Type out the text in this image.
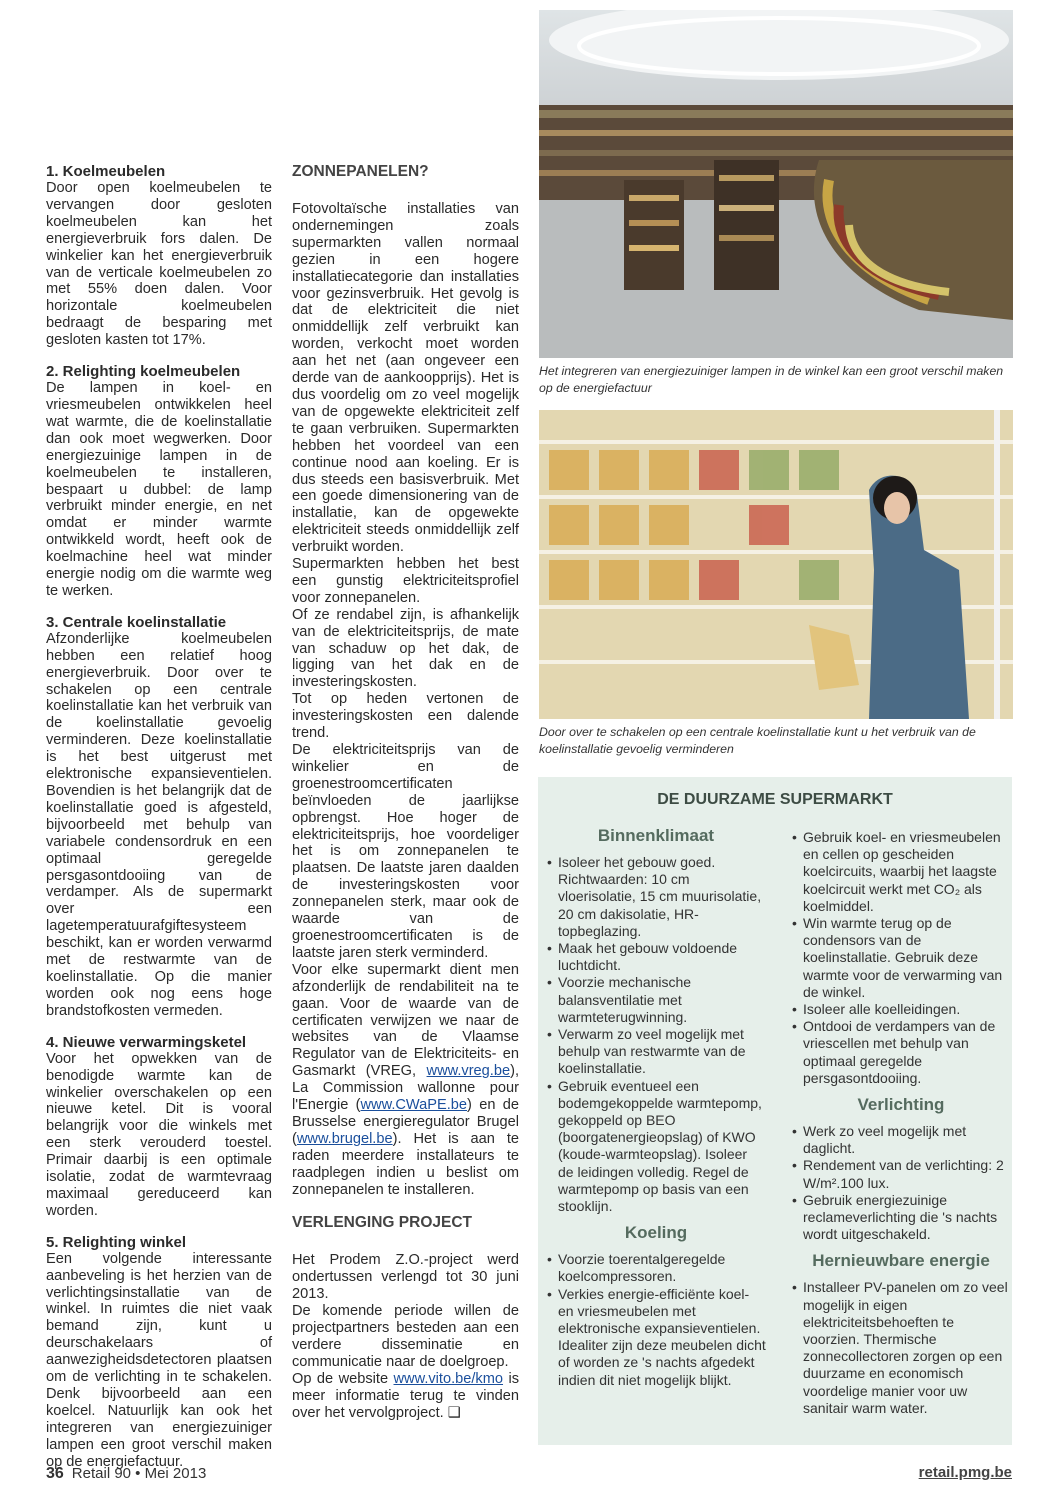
1. Koelmeubelen

Door open koelmeubelen te vervangen door gesloten koelmeubelen kan het energieverbruik fors dalen. De winkelier kan het energieverbruik van de verticale koelmeubelen zo met 55% doen dalen. Voor horizontale koelmeubelen bedraagt de besparing met gesloten kasten tot 17%.

2. Relighting koelmeubelen

De lampen in koel- en vriesmeubelen ontwikkelen heel wat warmte, die de koelinstallatie dan ook moet wegwerken. Door energiezuinige lampen in de koelmeubelen te installeren, bespaart u dubbel: de lamp verbruikt minder energie, en net omdat er minder warmte ontwikkeld wordt, heeft ook de koelmachine heel wat minder energie nodig om die warmte weg te werken.

3. Centrale koelinstallatie

Afzonderlijke koelmeubelen hebben een relatief hoog energieverbruik. Door over te schakelen op een centrale koelinstallatie kan het verbruik van de koelinstallatie gevoelig verminderen. Deze koelinstallatie is het best uitgerust met elektronische expansieventielen. Bovendien is het belangrijk dat de koelinstallatie goed is afgesteld, bijvoorbeeld met behulp van variabele condensordruk en een optimaal geregelde persgasontdooiing van de verdamper. Als de supermarkt over een lagetemperatuurafgiftesysteem beschikt, kan er worden verwarmd met de restwarmte van de koelinstallatie. Op die manier worden ook nog eens hoge brandstofkosten vermeden.

4. Nieuwe verwarmingsketel

Voor het opwekken van de benodigde warmte kan de winkelier overschakelen op een nieuwe ketel. Dit is vooral belangrijk voor die winkels met een sterk verouderd toestel. Primair daarbij is een optimale isolatie, zodat de warmtevraag maximaal gereduceerd kan worden.

5. Relighting winkel

Een volgende interessante aanbeveling is het herzien van de verlichtingsinstallatie van de winkel. In ruimtes die niet vaak bemand zijn, kunt u deurschakelaars of aanwezigheidsdetectoren plaatsen om de verlichting in te schakelen. Denk bijvoorbeeld aan een koelcel. Natuurlijk kan ook het integreren van energiezuiniger lampen een groot verschil maken op de energiefactuur.

ZONNEPANELEN?

Fotovoltaïsche installaties van ondernemingen zoals supermarkten vallen normaal gezien in een hogere installatiecategorie dan installaties voor gezinsverbruik. Het gevolg is dat de elektriciteit die niet onmiddellijk zelf verbruikt kan worden, verkocht moet worden aan het net (aan ongeveer een derde van de aankoopprijs). Het is dus voordelig om zo veel mogelijk van de opgewekte elektriciteit zelf te gaan verbruiken. Supermarkten hebben het voordeel van een continue nood aan koeling. Er is dus steeds een basisverbruik. Met een goede dimensionering van de installatie, kan de opgewekte elektriciteit steeds onmiddellijk zelf verbruikt worden.

Supermarkten hebben het best een gunstig elektriciteitsprofiel voor zonnepanelen.

Of ze rendabel zijn, is afhankelijk van de elektriciteitsprijs, de mate van schaduw op het dak, de ligging van het dak en de investeringskosten.

Tot op heden vertonen de investeringskosten een dalende trend.

De elektriciteitsprijs van de winkelier en de groenestroomcertificaten beïnvloeden de jaarlijkse opbrengst. Hoe hoger de elektriciteitsprijs, hoe voordeliger het is om zonnepanelen te plaatsen. De laatste jaren daalden de investeringskosten voor zonnepanelen sterk, maar ook de waarde van de groenestroomcertificaten is de laatste jaren sterk verminderd.

Voor elke supermarkt dient men afzonderlijk de rendabiliteit na te gaan. Voor de waarde van de certificaten verwijzen we naar de websites van de Vlaamse Regulator van de Elektriciteits- en Gasmarkt (VREG, www.vreg.be), La Commission wallonne pour l'Energie (www.CWaPE.be) en de Brusselse energieregulator Brugel (www.brugel.be). Het is aan te raden meerdere installateurs te raadplegen indien u beslist om zonnepanelen te installeren.

VERLENGING PROJECT

Het Prodem Z.O.-project werd ondertussen verlengd tot 30 juni 2013.

De komende periode willen de projectpartners besteden aan een verdere disseminatie en communicatie naar de doelgroep.

Op de website www.vito.be/kmo is meer informatie terug te vinden over het vervolgproject. ❑

Het integreren van energiezuiniger lampen in de winkel kan een groot verschil maken op de energiefactuur
Door over te schakelen op een centrale koelinstallatie kunt u het verbruik van de koelinstallatie gevoelig verminderen
DE DUURZAME SUPERMARKT
Binnenklimaat
• Isoleer het gebouw goed. Richtwaarden: 10 cm vloerisolatie, 15 cm muurisolatie, 20 cm dakisolatie, HR-topbeglazing.
• Maak het gebouw voldoende luchtdicht.
• Voorzie mechanische balansventilatie met warmteterugwinning.
• Verwarm zo veel mogelijk met behulp van restwarmte van de koelinstallatie.
• Gebruik eventueel een bodemgekoppelde warmtepomp, gekoppeld op BEO (boorgatenergieopslag) of KWO (koude-warmteopslag). Isoleer de leidingen volledig. Regel de warmtepomp op basis van een stooklijn.
Koeling
• Voorzie toerentalgeregelde koelcompressoren.
• Verkies energie-efficiënte koel- en vriesmeubelen met elektronische expansieventielen. Idealiter zijn deze meubelen dicht of worden ze 's nachts afgedekt indien dit niet mogelijk blijkt.
• Gebruik koel- en vriesmeubelen en cellen op gescheiden koelcircuits, waarbij het laagste koelcircuit werkt met CO₂ als koelmiddel.
• Win warmte terug op de condensors van de koelinstallatie. Gebruik deze warmte voor de verwarming van de winkel.
• Isoleer alle koelleidingen.
• Ontdooi de verdampers van de vriescellen met behulp van optimaal geregelde persgasontdooiing.
Verlichting
• Werk zo veel mogelijk met daglicht.
• Rendement van de verlichting: 2 W/m².100 lux.
• Gebruik energiezuinige reclameverlichting die 's nachts wordt uitgeschakeld.
Hernieuwbare energie
• Installeer PV-panelen om zo veel mogelijk in eigen elektriciteitsbehoeften te voorzien. Thermische zonnecollectoren zorgen op een duurzame en economisch voordelige manier voor uw sanitair warm water.
36 Retail 90 • Mei 2013	retail.pmg.be
